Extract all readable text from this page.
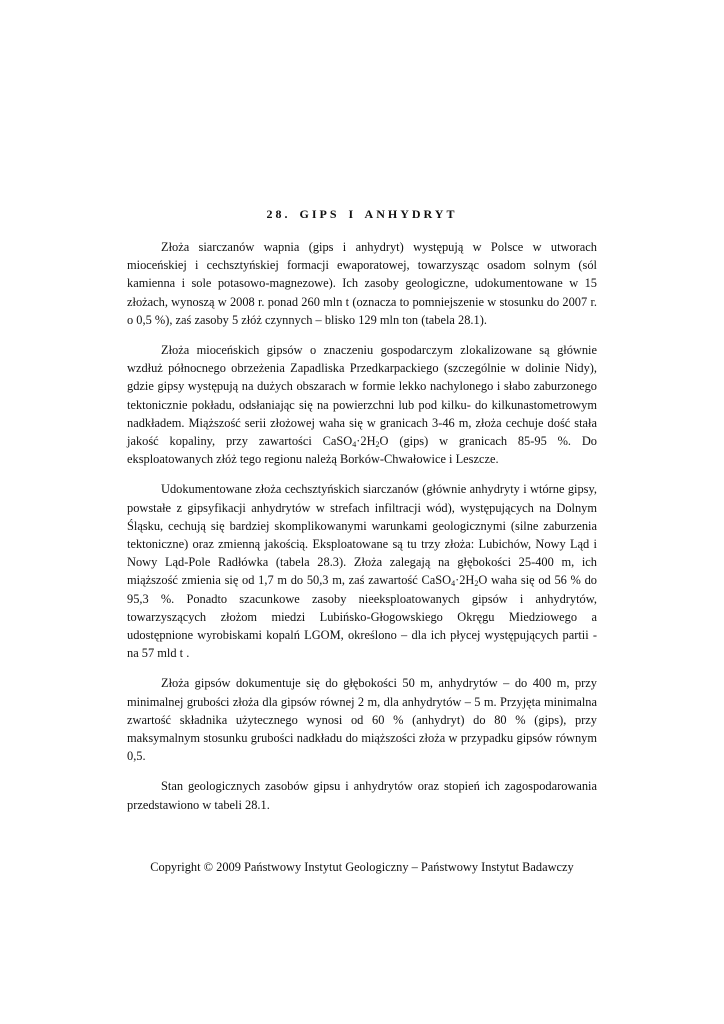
28. GIPS I ANHYDRYT

Złoża siarczanów wapnia (gips i anhydryt) występują w Polsce w utworach mioceńskiej i cechsztyńskiej formacji ewaporatowej, towarzysząc osadom solnym (sól kamienna i sole potasowo-magnezowe). Ich zasoby geologiczne, udokumentowane w 15 złożach, wynoszą w 2008 r. ponad 260 mln t (oznacza to pomniejszenie w stosunku do 2007 r. o 0,5 %), zaś zasoby 5 złóż czynnych – blisko 129 mln ton (tabela 28.1).

Złoża mioceńskich gipsów o znaczeniu gospodarczym zlokalizowane są głównie wzdłuż północnego obrzeżenia Zapadliska Przedkarpackiego (szczególnie w dolinie Nidy), gdzie gipsy występują na dużych obszarach w formie lekko nachylonego i słabo zaburzonego tektonicznie pokładu, odsłaniając się na powierzchni lub pod kilku- do kilkunastometrowym nadkładem. Miąższość serii złożowej waha się w granicach 3-46 m, złoża cechuje dość stała jakość kopaliny, przy zawartości $CaSO_4\cdot 2H_2O$ (gips) w granicach 85-95 %. Do eksploatowanych złóż tego regionu należą Borków-Chwałowice i Leszcze.

Udokumentowane złoża cechsztyńskich siarczanów (głównie anhydryty i wtórne gipsy, powstałe z gipsyfikacji anhydrytów w strefach infiltracji wód), występujących na Dolnym Śląsku, cechują się bardziej skomplikowanymi warunkami geologicznymi (silne zaburzenia tektoniczne) oraz zmienną jakością. Eksploatowane są tu trzy złoża: Lubichów, Nowy Ląd i Nowy Ląd-Pole Radłówka (tabela 28.3). Złoża zalegają na głębokości 25-400 m, ich miąższość zmienia się od 1,7 m do 50,3 m, zaś zawartość $CaSO_4\cdot 2H_2O$ waha się od 56 % do 95,3 %. Ponadto szacunkowe zasoby nieeksploatowanych gipsów i anhydrytów, towarzyszących złożom miedzi Lubińsko-Głogowskiego Okręgu Miedziowego a udostępnione wyrobiskami kopalń LGOM, określono – dla ich płycej występujących partii - na 57 mld t .

Złoża gipsów dokumentuje się do głębokości 50 m, anhydrytów – do 400 m, przy minimalnej grubości złoża dla gipsów równej 2 m, dla anhydrytów – 5 m. Przyjęta minimalna zwartość składnika użytecznego wynosi od 60 % (anhydryt) do 80 % (gips), przy maksymalnym stosunku grubości nadkładu do miąższości złoża w przypadku gipsów równym 0,5.

Stan geologicznych zasobów gipsu i anhydrytów oraz stopień ich zagospodarowania przedstawiono w tabeli 28.1.

Copyright © 2009 Państwowy Instytut Geologiczny – Państwowy Instytut Badawczy
